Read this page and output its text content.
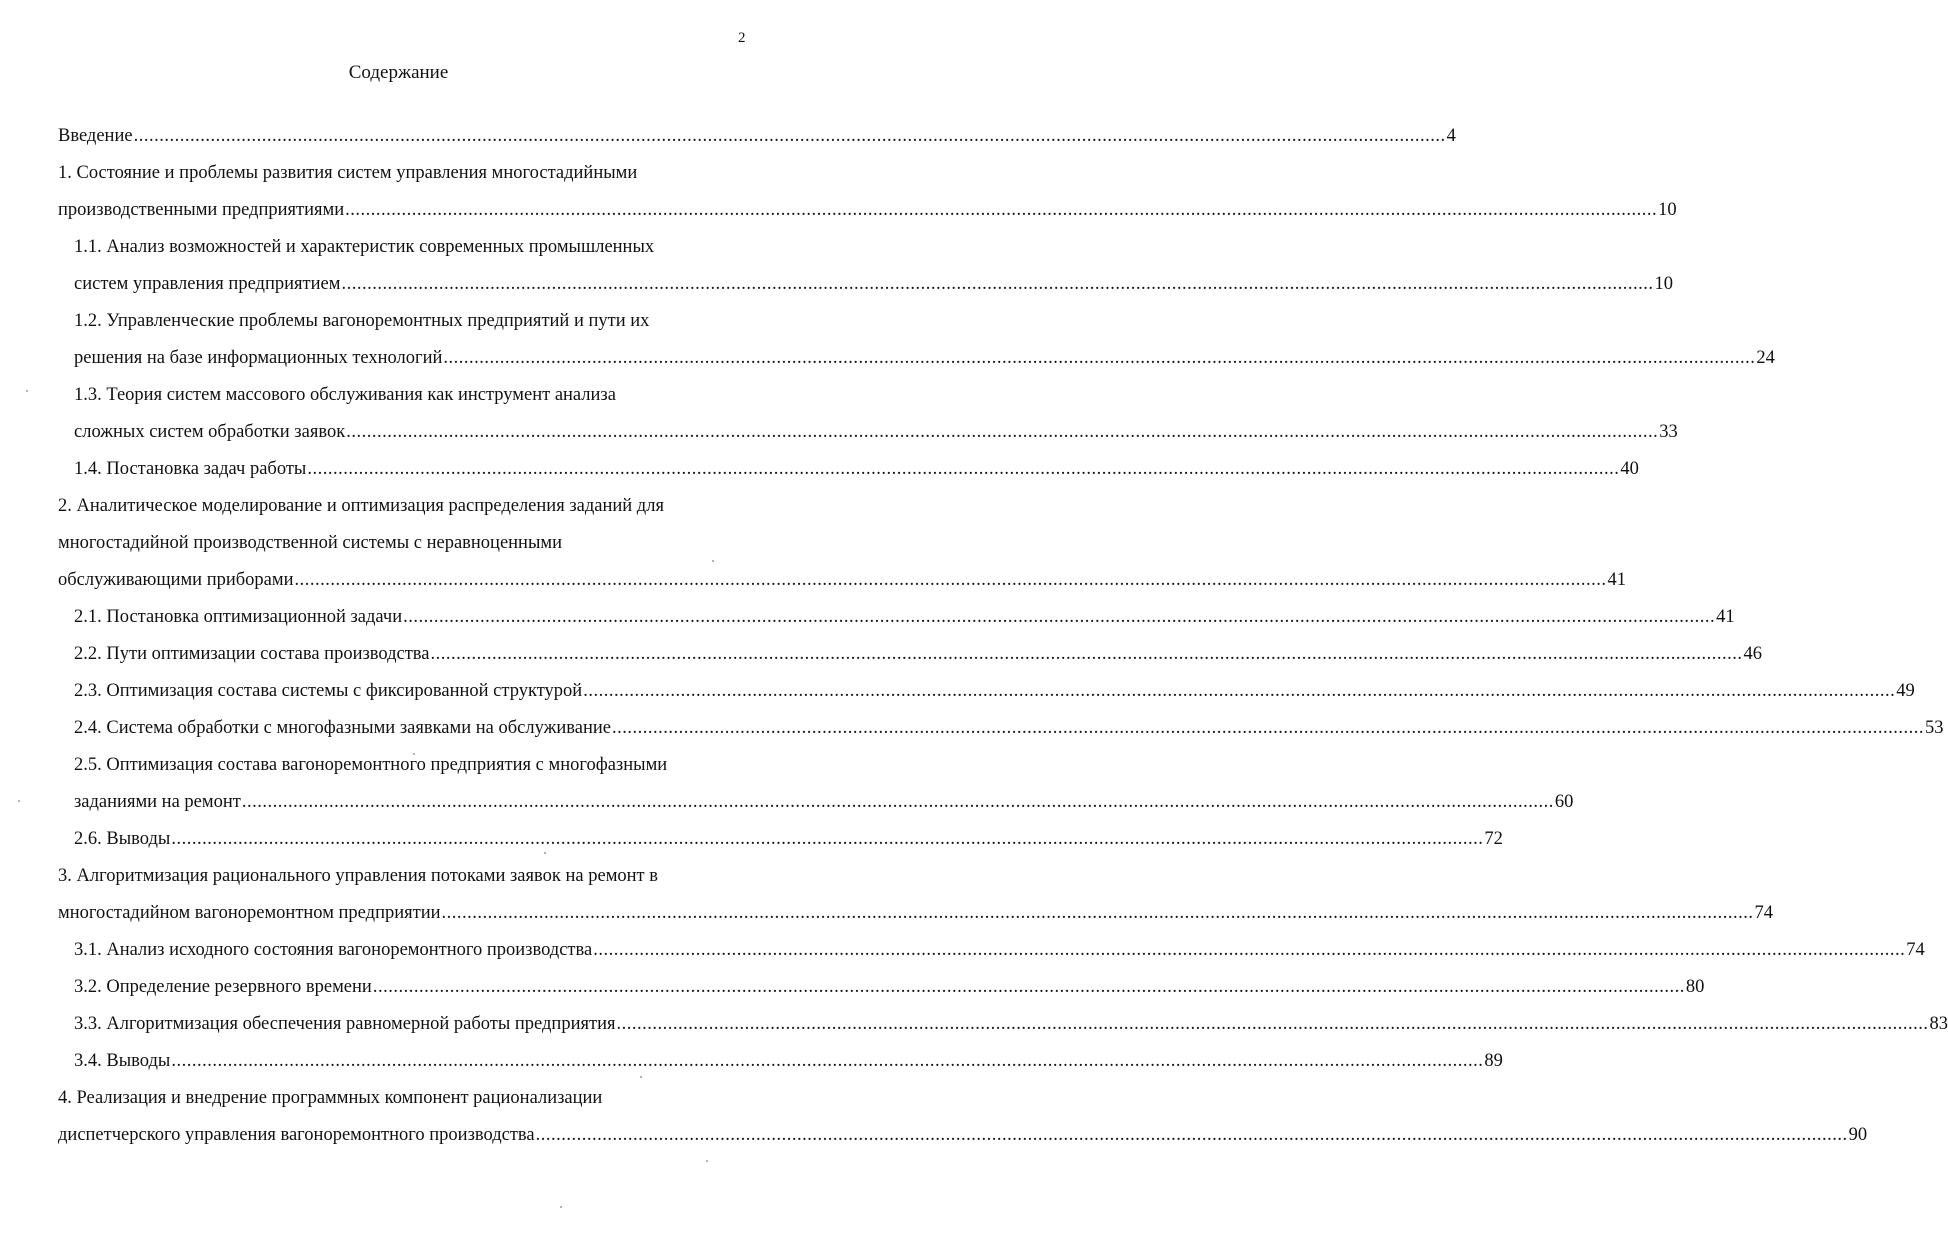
2
Содержание
Введение .....	4
1. Состояние и проблемы развития систем управления многостадийными
производственными предприятиями .....	10
1.1. Анализ возможностей и характеристик современных промышленных
систем управления предприятием .....	10
1.2. Управленческие проблемы вагоноремонтных предприятий и пути их
решения на базе информационных технологий .....	24
1.3. Теория систем массового обслуживания как инструмент анализа
сложных систем обработки заявок .....	33
1.4. Постановка задач работы .....	40
2. Аналитическое моделирование и оптимизация распределения заданий для
многостадийной производственной системы с неравноценными
обслуживающими приборами .....	41
2.1. Постановка оптимизационной задачи .....	41
2.2. Пути оптимизации состава производства .....	46
2.3. Оптимизация состава системы с фиксированной структурой .....	49
2.4. Система обработки с многофазными заявками на обслуживание .....	53
2.5. Оптимизация состава вагоноремонтного предприятия с многофазными
заданиями на ремонт .....	60
2.6. Выводы .....	72
3. Алгоритмизация рационального управления потоками заявок на ремонт в
многостадийном вагоноремонтном предприятии .....	74
3.1. Анализ исходного состояния вагоноремонтного производства .....	74
3.2. Определение резервного времени .....	80
3.3. Алгоритмизация обеспечения равномерной работы предприятия .....	83
3.4. Выводы .....	89
4. Реализация и внедрение программных компонент рационализации
диспетчерского управления вагоноремонтного производства .....	90
